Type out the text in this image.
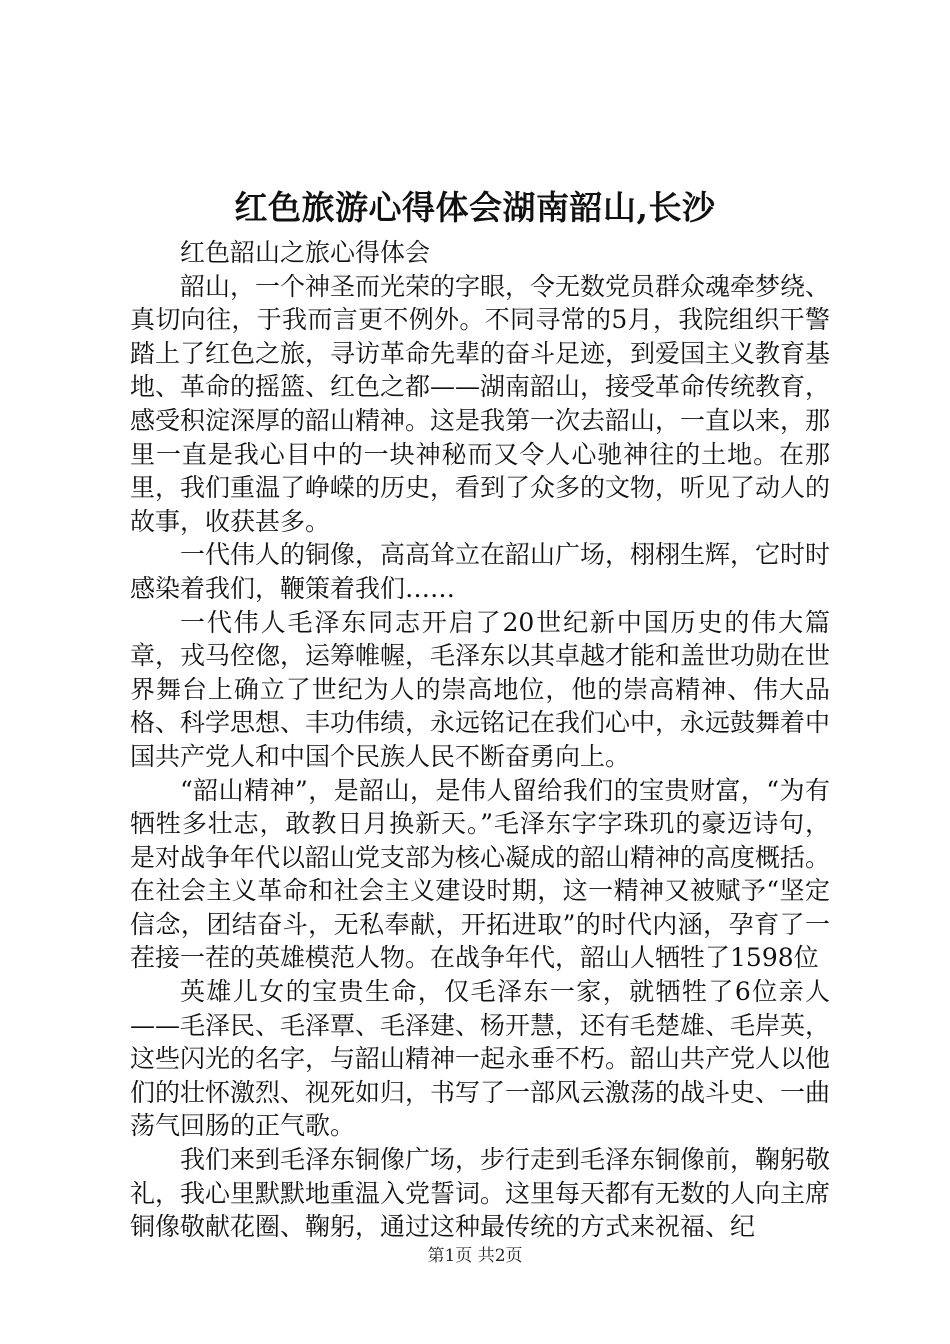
红色旅游心得体会湖南韶山,长沙

红色韶山之旅心得体会

韶山，一个神圣而光荣的字眼，令无数党员群众魂牵梦绕、真切向往，于我而言更不例外。不同寻常的5月，我院组织干警踏上了红色之旅，寻访革命先辈的奋斗足迹，到爱国主义教育基地、革命的摇篮、红色之都——湖南韶山，接受革命传统教育，感受积淀深厚的韶山精神。这是我第一次去韶山，一直以来，那里一直是我心目中的一块神秘而又令人心驰神往的土地。在那里，我们重温了峥嵘的历史，看到了众多的文物，听见了动人的故事，收获甚多。

一代伟人的铜像，高高耸立在韶山广场，栩栩生辉，它时时感染着我们，鞭策着我们……

一代伟人毛泽东同志开启了20世纪新中国历史的伟大篇章，戎马倥偬，运筹帷幄，毛泽东以其卓越才能和盖世功勋在世界舞台上确立了世纪为人的崇高地位，他的崇高精神、伟大品格、科学思想、丰功伟绩，永远铭记在我们心中，永远鼓舞着中国共产党人和中国个民族人民不断奋勇向上。

“韶山精神”，是韶山，是伟人留给我们的宝贵财富，“为有牺牲多壮志，敢教日月换新天。”毛泽东字字珠玑的豪迈诗句，是对战争年代以韶山党支部为核心凝成的韶山精神的高度概括。在社会主义革命和社会主义建设时期，这一精神又被赋予“坚定信念，团结奋斗，无私奉献，开拓进取”的时代内涵，孕育了一茬接一茬的英雄模范人物。在战争年代，韶山人牺牲了1598位

英雄儿女的宝贵生命，仅毛泽东一家，就牺牲了6位亲人——毛泽民、毛泽覃、毛泽建、杨开慧，还有毛楚雄、毛岸英，这些闪光的名字，与韶山精神一起永垂不朽。韶山共产党人以他们的壮怀激烈、视死如归，书写了一部风云激荡的战斗史、一曲荡气回肠的正气歌。

我们来到毛泽东铜像广场，步行走到毛泽东铜像前，鞠躬敬礼，我心里默默地重温入党誓词。这里每天都有无数的人向主席铜像敬献花圈、鞠躬，通过这种最传统的方式来祝福、纪

第1页 共2页
